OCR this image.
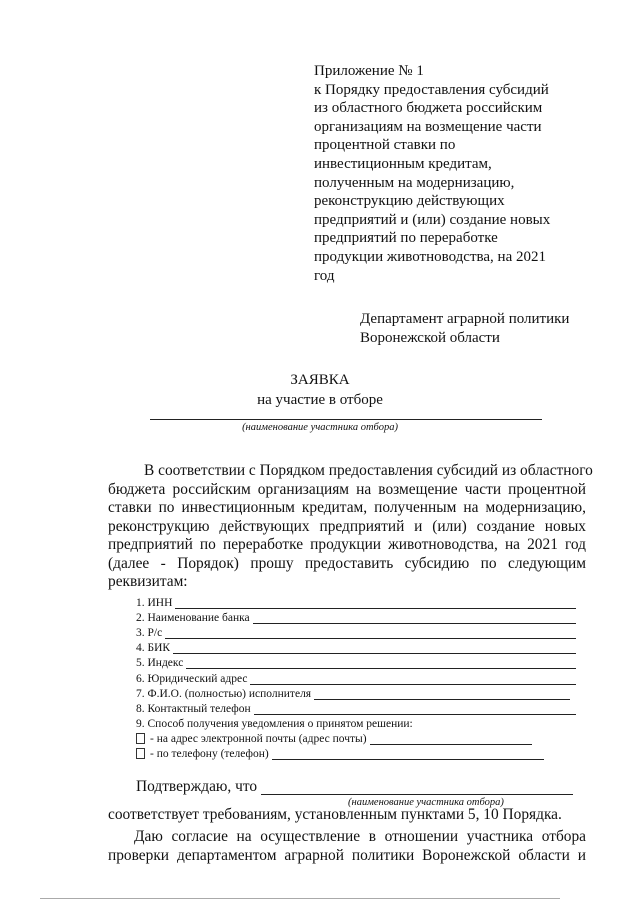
Приложение № 1
к Порядку предоставления субсидий
из областного бюджета российским
организациям на возмещение части
процентной ставки по
инвестиционным кредитам,
полученным на модернизацию,
реконструкцию действующих
предприятий и (или) создание новых
предприятий по переработке
продукции животноводства, на 2021
год
Департамент аграрной политики
Воронежской области
ЗАЯВКА
на участие в отборе
(наименование участника отбора)
В соответствии с Порядком предоставления субсидий из областного
бюджета российским организациям на возмещение части процентной
ставки по инвестиционным кредитам, полученным на модернизацию,
реконструкцию действующих предприятий и (или) создание новых
предприятий по переработке продукции животноводства, на 2021 год
(далее - Порядок) прошу предоставить субсидию по следующим
реквизитам:
1. ИНН
2. Наименование банка
3. Р/с
4. БИК
5. Индекс
6. Юридический адрес
7. Ф.И.О. (полностью) исполнителя
8. Контактный телефон
9. Способ получения уведомления о принятом решении:
- на адрес электронной почты (адрес почты)
- по телефону (телефон)
Подтверждаю, что
(наименование участника отбора)
соответствует требованиям, установленным пунктами 5, 10 Порядка.
Даю согласие на осуществление в отношении участника отбора
проверки департаментом аграрной политики Воронежской области и
